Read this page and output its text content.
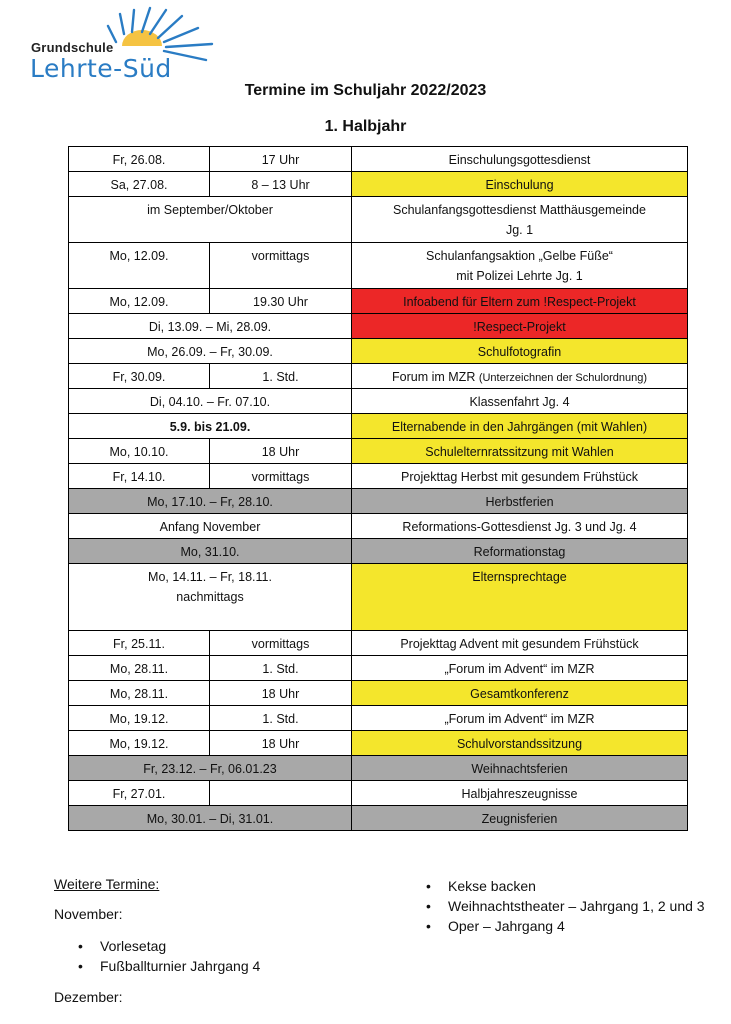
Grundschule
Lehrte-Süd
Termine im Schuljahr 2022/2023
1. Halbjahr
Fr, 26.08.	17 Uhr	Einschulungsgottesdienst
Sa, 27.08.	8 – 13 Uhr	Einschulung
im September/Oktober		Schulanfangsgottesdienst Matthäusgemeinde
Jg. 1

Mo, 12.09.	vormittags	Schulanfangsaktion „Gelbe Füße“
mit Polizei Lehrte Jg. 1

Mo, 12.09.	19.30 Uhr	Infoabend für Eltern zum !Respect-Projekt
Di, 13.09. – Mi, 28.09.		!Respect-Projekt
Mo, 26.09. – Fr, 30.09.		Schulfotografin
Fr, 30.09.	1. Std.	Forum im MZR (Unterzeichnen der Schulordnung)
Di, 04.10. – Fr. 07.10.		Klassenfahrt Jg. 4
5.9. bis 21.09.		Elternabende in den Jahrgängen (mit Wahlen)
Mo, 10.10.	18 Uhr	Schulelternratssitzung mit Wahlen
Fr, 14.10.	vormittags	Projekttag Herbst mit gesundem Frühstück
Mo, 17.10. – Fr, 28.10.		Herbstferien
Anfang November		Reformations-Gottesdienst Jg. 3 und Jg. 4
Mo, 31.10.		Reformationstag

Mo, 14.11. – Fr, 18.11.
nachmittags		Elternsprechtage
Fr, 25.11.	vormittags	Projekttag Advent mit gesundem Frühstück
Mo, 28.11.	1. Std.	„Forum im Advent“ im MZR
Mo, 28.11.	18 Uhr	Gesamtkonferenz
Mo, 19.12.	1. Std.	„Forum im Advent“ im MZR
Mo, 19.12.	18 Uhr	Schulvorstandssitzung
Fr, 23.12. – Fr, 06.01.23		Weihnachtsferien
Fr, 27.01.		Halbjahreszeugnisse
Mo, 30.01. – Di, 31.01.		Zeugnisferien
Weitere Termine:
November:
• Vorlesetag
• Fußballturnier Jahrgang 4
Dezember:
• Kekse backen
• Weihnachtstheater – Jahrgang 1, 2 und 3
• Oper – Jahrgang 4
